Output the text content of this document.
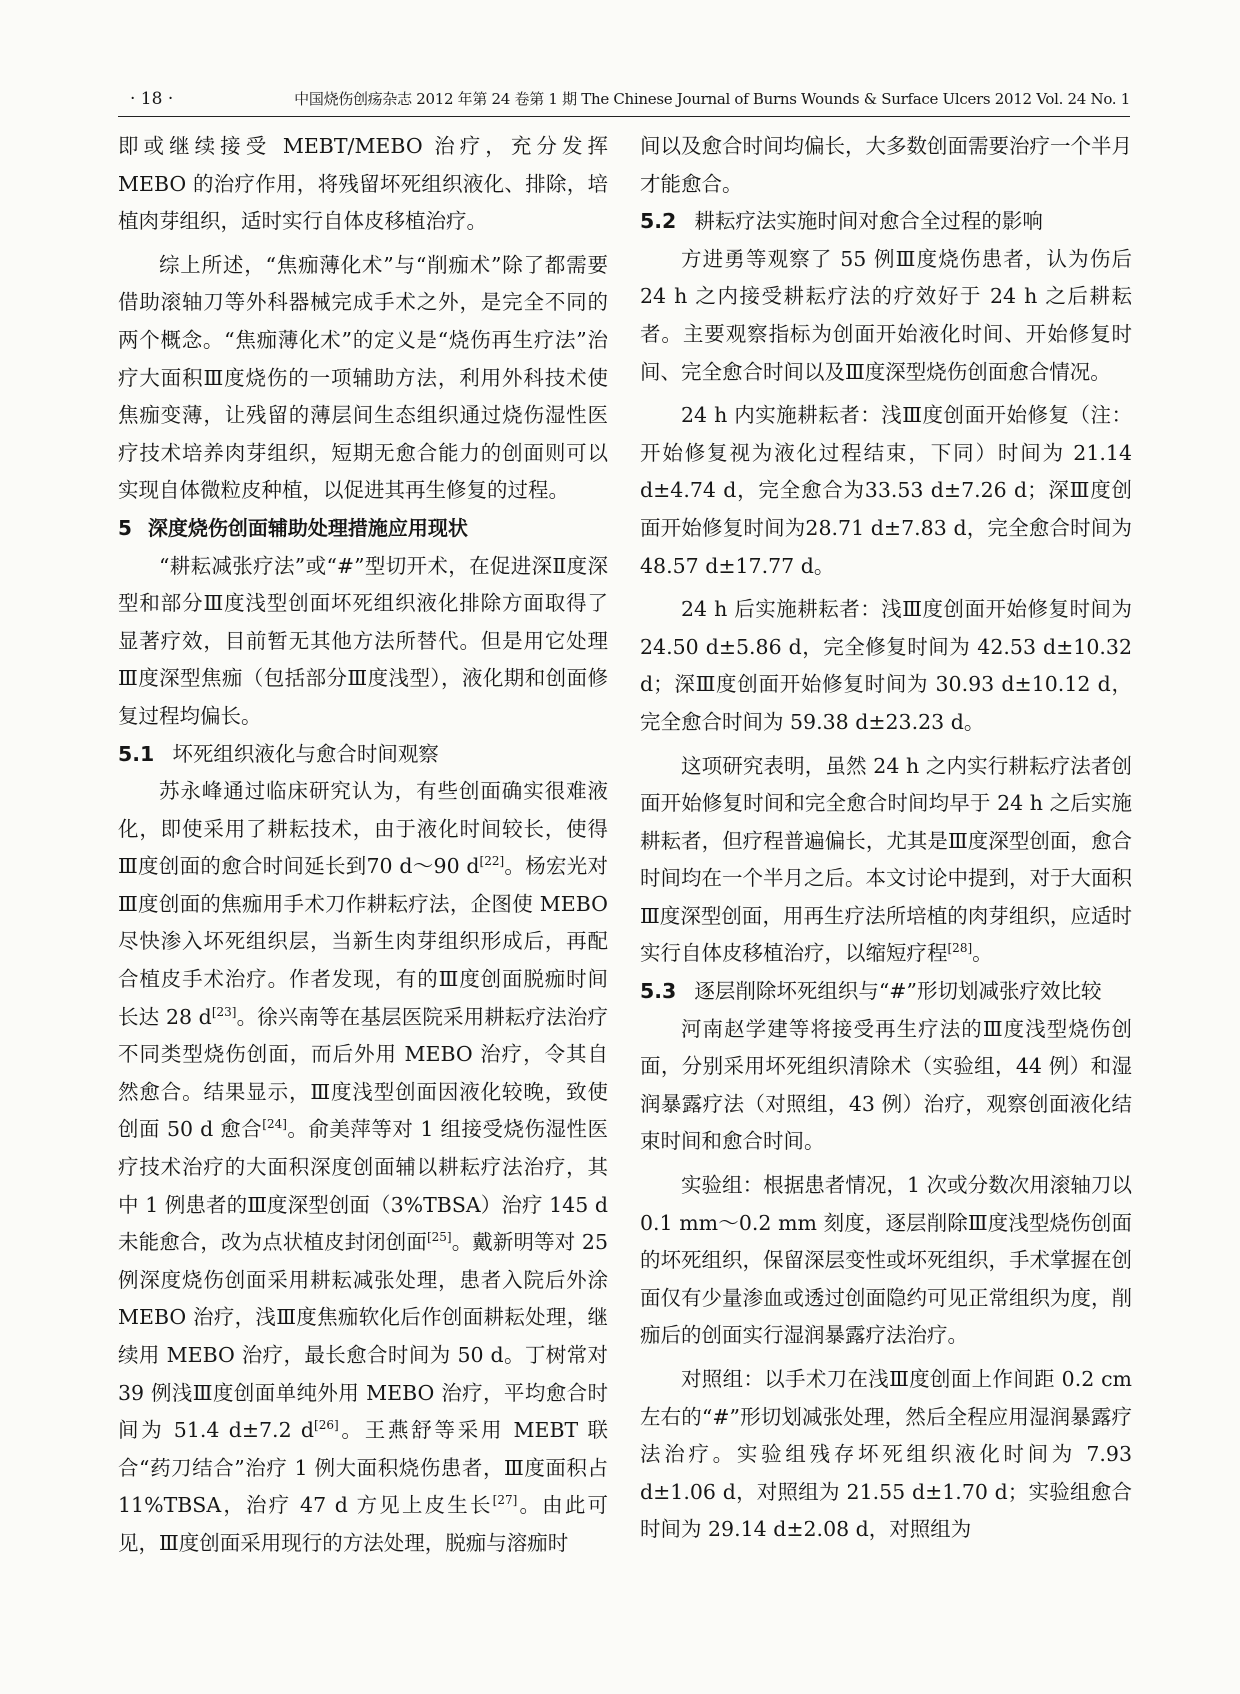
· 18 ·	中国烧伤创疡杂志 2012 年第 24 卷第 1 期 The Chinese Journal of Burns Wounds & Surface Ulcers 2012 Vol. 24 No. 1

即或继续接受 MEBT/MEBO 治疗，充分发挥 MEBO 的治疗作用，将残留坏死组织液化、排除，培植肉芽组织，适时实行自体皮移植治疗。

综上所述，“焦痂薄化术”与“削痂术”除了都需要借助滚轴刀等外科器械完成手术之外，是完全不同的两个概念。“焦痂薄化术”的定义是“烧伤再生疗法”治疗大面积Ⅲ度烧伤的一项辅助方法，利用外科技术使焦痂变薄，让残留的薄层间生态组织通过烧伤湿性医疗技术培养肉芽组织，短期无愈合能力的创面则可以实现自体微粒皮种植，以促进其再生修复的过程。

5 深度烧伤创面辅助处理措施应用现状

“耕耘减张疗法”或“#”型切开术，在促进深Ⅱ度深型和部分Ⅲ度浅型创面坏死组织液化排除方面取得了显著疗效，目前暂无其他方法所替代。但是用它处理Ⅲ度深型焦痂（包括部分Ⅲ度浅型），液化期和创面修复过程均偏长。

5.1 坏死组织液化与愈合时间观察

苏永峰通过临床研究认为，有些创面确实很难液化，即使采用了耕耘技术，由于液化时间较长，使得Ⅲ度创面的愈合时间延长到70 d～90 d[22]。杨宏光对Ⅲ度创面的焦痂用手术刀作耕耘疗法，企图使 MEBO 尽快渗入坏死组织层，当新生肉芽组织形成后，再配合植皮手术治疗。作者发现，有的Ⅲ度创面脱痂时间长达 28 d[23]。徐兴南等在基层医院采用耕耘疗法治疗不同类型烧伤创面，而后外用 MEBO 治疗，令其自然愈合。结果显示，Ⅲ度浅型创面因液化较晚，致使创面 50 d 愈合[24]。俞美萍等对 1 组接受烧伤湿性医疗技术治疗的大面积深度创面辅以耕耘疗法治疗，其中 1 例患者的Ⅲ度深型创面（3%TBSA）治疗 145 d 未能愈合，改为点状植皮封闭创面[25]。戴新明等对 25 例深度烧伤创面采用耕耘减张处理，患者入院后外涂 MEBO 治疗，浅Ⅲ度焦痂软化后作创面耕耘处理，继续用 MEBO 治疗，最长愈合时间为 50 d。丁树常对 39 例浅Ⅲ度创面单纯外用 MEBO 治疗，平均愈合时间为 51.4 d±7.2 d[26]。王燕舒等采用 MEBT 联合“药刀结合”治疗 1 例大面积烧伤患者，Ⅲ度面积占 11%TBSA，治疗 47 d 方见上皮生长[27]。由此可见，Ⅲ度创面采用现行的方法处理，脱痂与溶痂时

间以及愈合时间均偏长，大多数创面需要治疗一个半月才能愈合。

5.2 耕耘疗法实施时间对愈合全过程的影响

方进勇等观察了 55 例Ⅲ度烧伤患者，认为伤后 24 h 之内接受耕耘疗法的疗效好于 24 h 之后耕耘者。主要观察指标为创面开始液化时间、开始修复时间、完全愈合时间以及Ⅲ度深型烧伤创面愈合情况。

24 h 内实施耕耘者：浅Ⅲ度创面开始修复（注：开始修复视为液化过程结束，下同）时间为 21.14 d±4.74 d，完全愈合为33.53 d±7.26 d；深Ⅲ度创面开始修复时间为28.71 d±7.83 d，完全愈合时间为48.57 d±17.77 d。

24 h 后实施耕耘者：浅Ⅲ度创面开始修复时间为 24.50 d±5.86 d，完全修复时间为 42.53 d±10.32 d；深Ⅲ度创面开始修复时间为 30.93 d±10.12 d，完全愈合时间为 59.38 d±23.23 d。

这项研究表明，虽然 24 h 之内实行耕耘疗法者创面开始修复时间和完全愈合时间均早于 24 h 之后实施耕耘者，但疗程普遍偏长，尤其是Ⅲ度深型创面，愈合时间均在一个半月之后。本文讨论中提到，对于大面积Ⅲ度深型创面，用再生疗法所培植的肉芽组织，应适时实行自体皮移植治疗，以缩短疗程[28]。

5.3 逐层削除坏死组织与“#”形切划减张疗效比较

河南赵学建等将接受再生疗法的Ⅲ度浅型烧伤创面，分别采用坏死组织清除术（实验组，44 例）和湿润暴露疗法（对照组，43 例）治疗，观察创面液化结束时间和愈合时间。

实验组：根据患者情况，1 次或分数次用滚轴刀以 0.1 mm～0.2 mm 刻度，逐层削除Ⅲ度浅型烧伤创面的坏死组织，保留深层变性或坏死组织，手术掌握在创面仅有少量渗血或透过创面隐约可见正常组织为度，削痂后的创面实行湿润暴露疗法治疗。

对照组：以手术刀在浅Ⅲ度创面上作间距 0.2 cm左右的“#”形切划减张处理，然后全程应用湿润暴露疗法治疗。实验组残存坏死组织液化时间为 7.93 d±1.06 d，对照组为 21.55 d±1.70 d；实验组愈合时间为 29.14 d±2.08 d，对照组为
